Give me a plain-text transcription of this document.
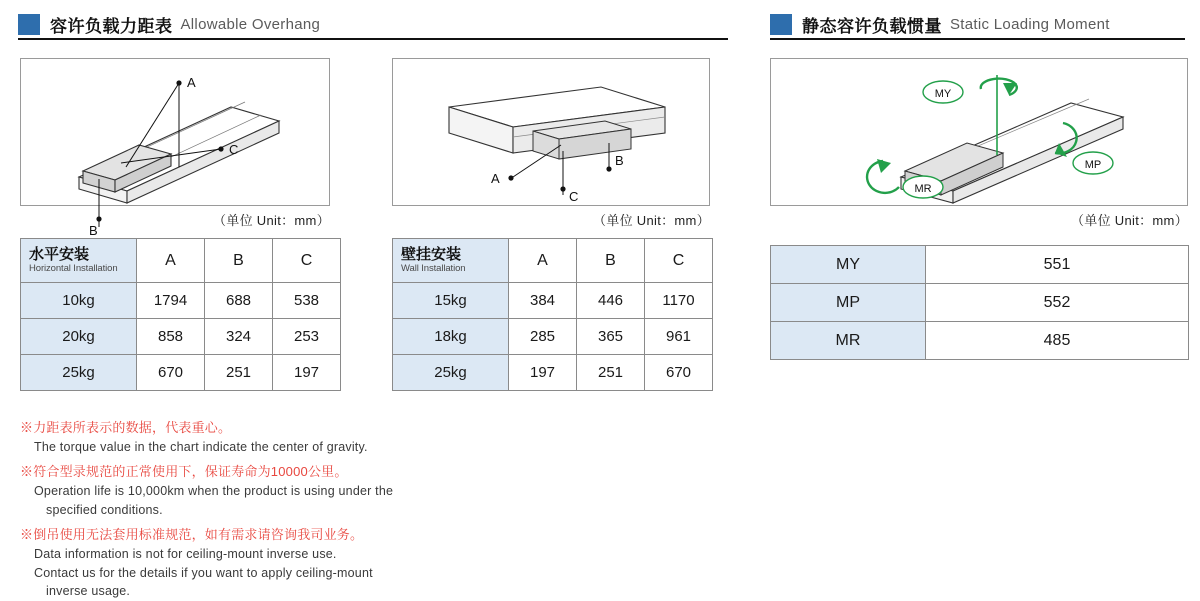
容许负载力距表 Allowable Overhang	静态容许负载惯量 Static Loading Moment
A
B
C
（单位 Unit：mm）
A
B
C
（单位 Unit：mm）
MY
MP
MR
（单位 Unit：mm）
水平安装
Horizontal Installation	A	B	C
10kg	1794	688	538
20kg	858	324	253
25kg	670	251	197
壁挂安装
Wall Installation	A	B	C
15kg	384	446	1170
18kg	285	365	961
25kg	197	251	670
MY	551
MP	552
MR	485
※力距表所表示的数据，代表重心。
The torque value in the chart indicate the center of gravity.
※符合型录规范的正常使用下，保证寿命为10000公里。
Operation life is 10,000km when the product is using under the
specified conditions.
※倒吊使用无法套用标准规范，如有需求请咨询我司业务。
Data information is not for ceiling-mount inverse use.
Contact us for the details if you want to apply ceiling-mount
inverse usage.
